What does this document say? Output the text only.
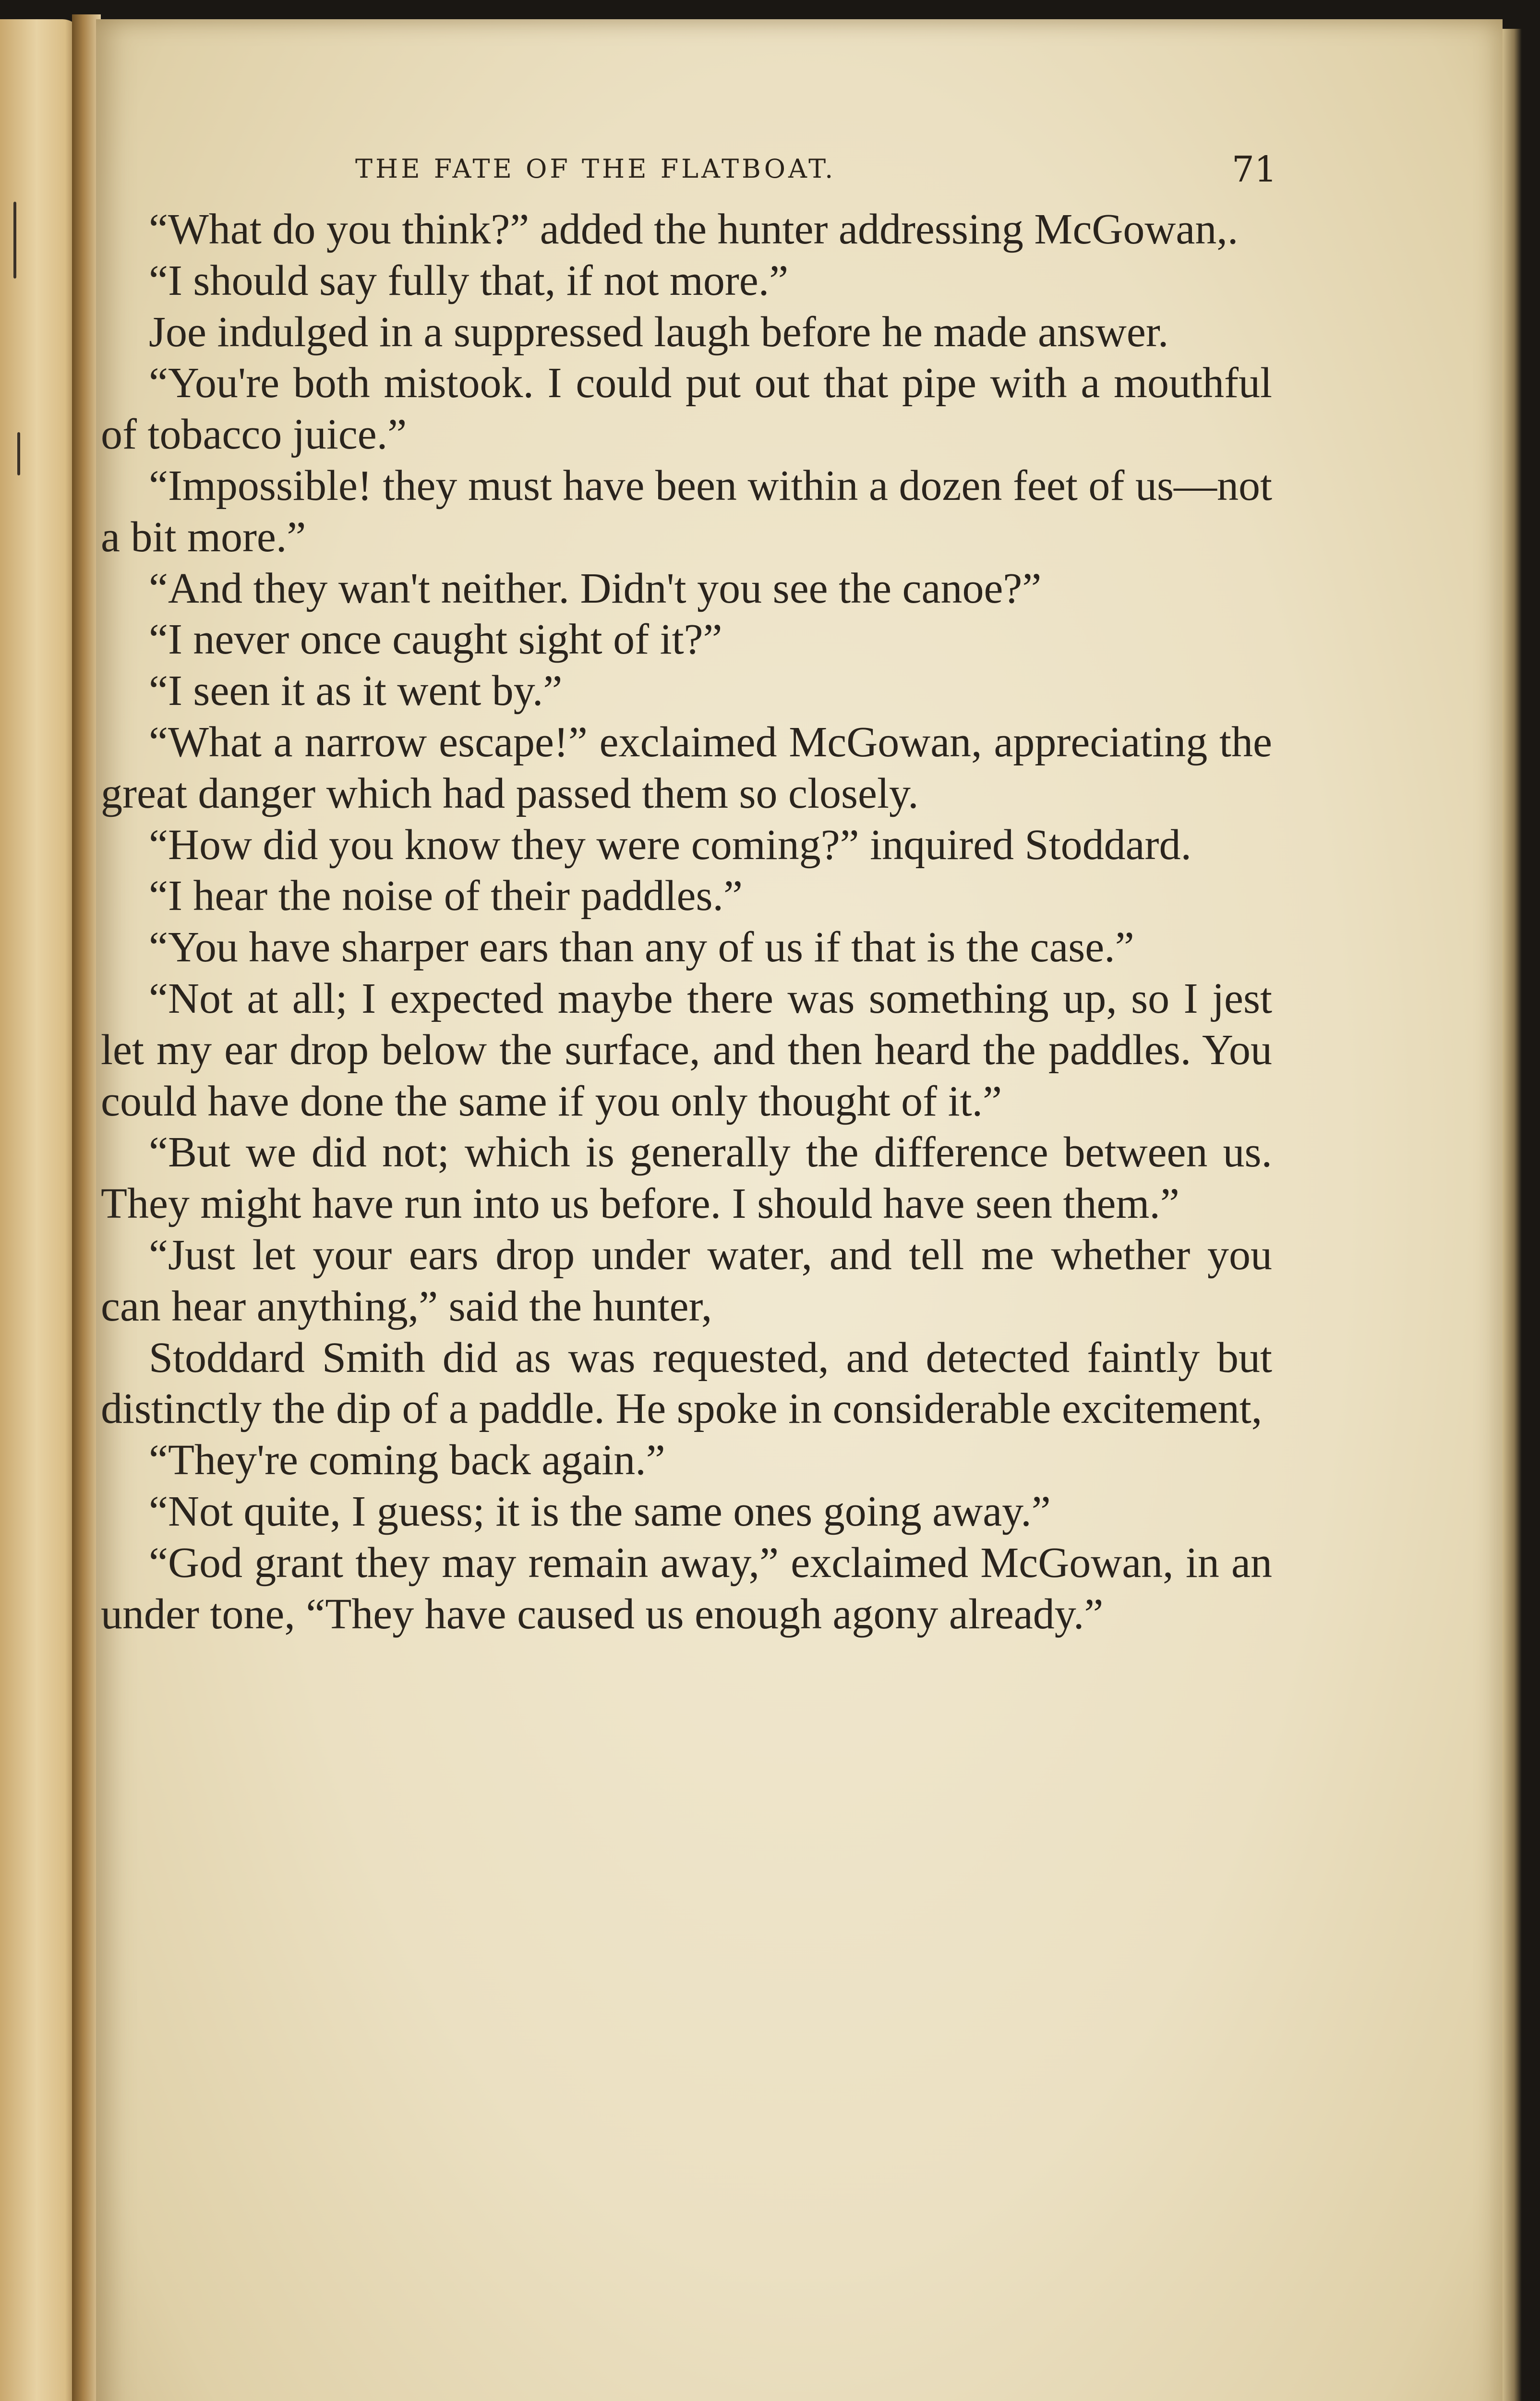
THE FATE OF THE FLATBOAT.	71

“What do you think?” added the hunter addressing McGowan,.

“I should say fully that, if not more.”

Joe indulged in a suppressed laugh before he made answer.

“You're both mistook. I could put out that pipe with a mouthful of tobacco juice.”

“Impossible! they must have been within a dozen feet of us—not a bit more.”

“And they wan't neither. Didn't you see the canoe?”

“I never once caught sight of it?”

“I seen it as it went by.”

“What a narrow escape!” exclaimed McGowan, appreciating the great danger which had passed them so closely.

“How did you know they were coming?” inquired Stoddard.

“I hear the noise of their paddles.”

“You have sharper ears than any of us if that is the case.”

“Not at all; I expected maybe there was something up, so I jest let my ear drop below the surface, and then heard the paddles. You could have done the same if you only thought of it.”

“But we did not; which is generally the difference between us. They might have run into us before. I should have seen them.”

“Just let your ears drop under water, and tell me whether you can hear anything,” said the hunter,

Stoddard Smith did as was requested, and detected faintly but distinctly the dip of a paddle. He spoke in considerable excitement,

“They're coming back again.”

“Not quite, I guess; it is the same ones going away.”

“God grant they may remain away,” exclaimed McGowan, in an under tone, “They have caused us enough agony already.”
